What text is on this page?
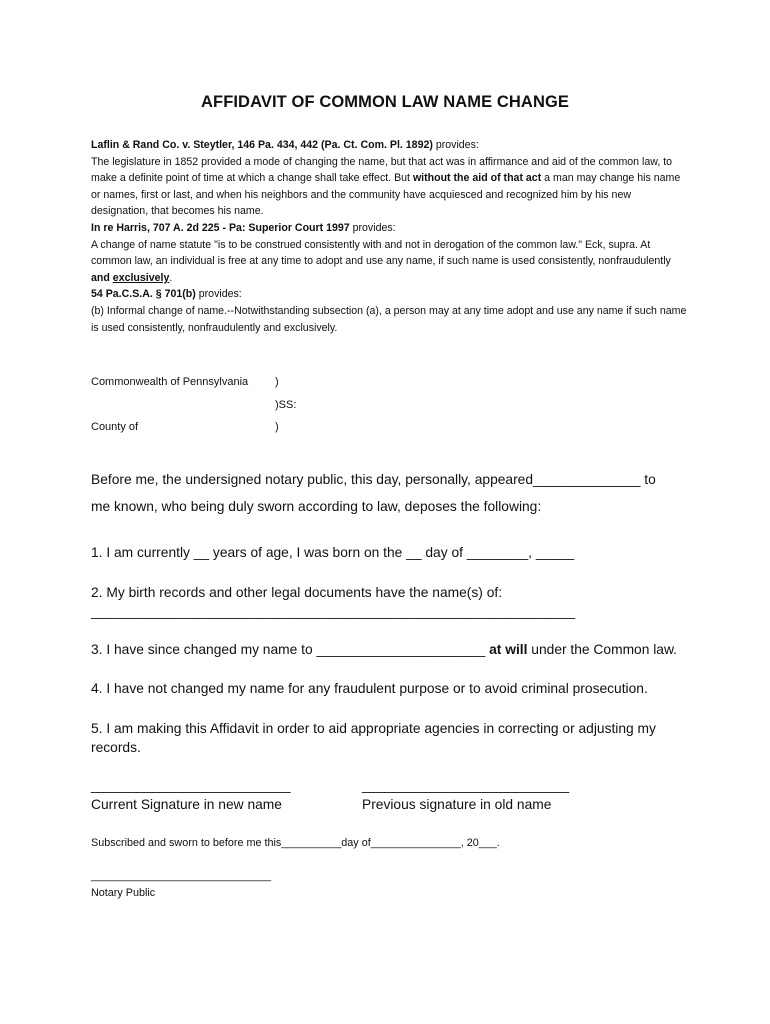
AFFIDAVIT OF COMMON LAW NAME CHANGE

Laflin & Rand Co. v. Steytler, 146 Pa. 434, 442 (Pa. Ct. Com. Pl. 1892) provides:

The legislature in 1852 provided a mode of changing the name, but that act was in affirmance and aid of the common law, to make a definite point of time at which a change shall take effect. But without the aid of that act a man may change his name or names, first or last, and when his neighbors and the community have acquiesced and recognized him by his new designation, that becomes his name.

In re Harris, 707 A. 2d 225 - Pa: Superior Court 1997 provides:

A change of name statute "is to be construed consistently with and not in derogation of the common law." Eck, supra. At common law, an individual is free at any time to adopt and use any name, if such name is used consistently, nonfraudulently and exclusively.

54 Pa.C.S.A. § 701(b) provides:

(b) Informal change of name.--Notwithstanding subsection (a), a person may at any time adopt and use any name if such name is used consistently, nonfraudulently and exclusively.

Commonwealth of Pennsylvania )
)SS:
County of	)
Before me, the undersigned notary public, this day, personally, appeared______________ to
me known, who being duly sworn according to law, deposes the following:
1. I am currently __ years of age, I was born on the __ day of ________, _____
2. My birth records and other legal documents have the name(s) of:
_________________________________________________________________
3. I have since changed my name to ______________________ at will under the Common law.
4. I have not changed my name for any fraudulent purpose or to avoid criminal prosecution.
5. I am making this Affidavit in order to aid appropriate agencies in correcting or adjusting my records.
__________________________
Current Signature in new name
___________________________
Previous signature in old name
Subscribed and sworn to before me this__________day of_______________, 20___.
______________________________
Notary Public
